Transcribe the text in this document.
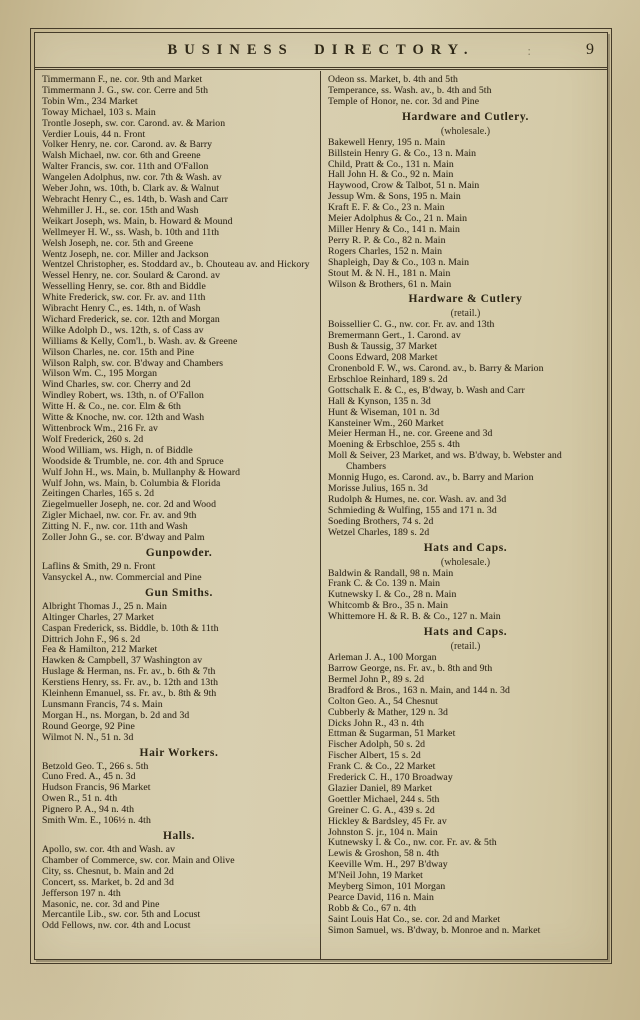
BUSINESS DIRECTORY.	:	9
Timmermann F., ne. cor. 9th and Market
Timmermann J. G., sw. cor. Cerre and 5th
Tobin Wm., 234 Market
Toway Michael, 103 s. Main
Trontle Joseph, sw. cor. Carond. av. & Marion
Verdier Louis, 44 n. Front
Volker Henry, ne. cor. Carond. av. & Barry
Walsh Michael, nw. cor. 6th and Greene
Walter Francis, sw. cor. 11th and O'Fallon
Wangelen Adolphus, nw. cor. 7th & Wash. av
Weber John, ws. 10th, b. Clark av. & Walnut
Webracht Henry C., es. 14th, b. Wash and Carr
Wehmiller J. H., se. cor. 15th and Wash
Weikart Joseph, ws. Main, b. Howard & Mound
Wellmeyer H. W., ss. Wash, b. 10th and 11th
Welsh Joseph, ne. cor. 5th and Greene
Wentz Joseph, ne. cor. Miller and Jackson
Wentzel Christopher, es. Stoddard av., b. Chouteau av. and Hickory
Wessel Henry, ne. cor. Soulard & Carond. av
Wesselling Henry, se. cor. 8th and Biddle
White Frederick, sw. cor. Fr. av. and 11th
Wibracht Henry C., es. 14th, n. of Wash
Wichard Frederick, se. cor. 12th and Morgan
Wilke Adolph D., ws. 12th, s. of Cass av
Williams & Kelly, Com'l., b. Wash. av. & Greene
Wilson Charles, ne. cor. 15th and Pine
Wilson Ralph, sw. cor. B'dway and Chambers
Wilson Wm. C., 195 Morgan
Wind Charles, sw. cor. Cherry and 2d
Windley Robert, ws. 13th, n. of O'Fallon
Witte H. & Co., ne. cor. Elm & 6th
Witte & Knoche, nw. cor. 12th and Wash
Wittenbrock Wm., 216 Fr. av
Wolf Frederick, 260 s. 2d
Wood William, ws. High, n. of Biddle
Woodside & Trumble, ne. cor. 4th and Spruce
Wulf John H., ws. Main, b. Mullanphy & Howard
Wulf John, ws. Main, b. Columbia & Florida
Zeitingen Charles, 165 s. 2d
Ziegelmueller Joseph, ne. cor. 2d and Wood
Zigler Michael, nw. cor. Fr. av. and 9th
Zitting N. F., nw. cor. 11th and Wash
Zoller John G., se. cor. B'dway and Palm
Gunpowder.
Laflins & Smith, 29 n. Front
Vansyckel A., nw. Commercial and Pine
Gun Smiths.
Albright Thomas J., 25 n. Main
Altinger Charles, 27 Market
Caspan Frederick, ss. Biddle, b. 10th & 11th
Dittrich John F., 96 s. 2d
Fea & Hamilton, 212 Market
Hawken & Campbell, 37 Washington av
Huslage & Herman, ns. Fr. av., b. 6th & 7th
Kerstiens Henry, ss. Fr. av., b. 12th and 13th
Kleinhenn Emanuel, ss. Fr. av., b. 8th & 9th
Lunsmann Francis, 74 s. Main
Morgan H., ns. Morgan, b. 2d and 3d
Round George, 92 Pine
Wilmot N. N., 51 n. 3d
Hair Workers.
Betzold Geo. T., 266 s. 5th
Cuno Fred. A., 45 n. 3d
Hudson Francis, 96 Market
Owen R., 51 n. 4th
Pignero P. A., 94 n. 4th
Smith Wm. E., 106½ n. 4th
Halls.
Apollo, sw. cor. 4th and Wash. av
Chamber of Commerce, sw. cor. Main and Olive
City, ss. Chesnut, b. Main and 2d
Concert, ss. Market, b. 2d and 3d
Jefferson 197 n. 4th
Masonic, ne. cor. 3d and Pine
Mercantile Lib., sw. cor. 5th and Locust
Odd Fellows, nw. cor. 4th and Locust
Odeon ss. Market, b. 4th and 5th
Temperance, ss. Wash. av., b. 4th and 5th
Temple of Honor, ne. cor. 3d and Pine
Hardware and Cutlery.
(wholesale.)
Bakewell Henry, 195 n. Main
Billstein Henry G. & Co., 13 n. Main
Child, Pratt & Co., 131 n. Main
Hall John H. & Co., 92 n. Main
Haywood, Crow & Talbot, 51 n. Main
Jessup Wm. & Sons, 195 n. Main
Kraft E. F. & Co., 23 n. Main
Meier Adolphus & Co., 21 n. Main
Miller Henry & Co., 141 n. Main
Perry R. P. & Co., 82 n. Main
Rogers Charles, 152 n. Main
Shapleigh, Day & Co., 103 n. Main
Stout M. & N. H., 181 n. Main
Wilson & Brothers, 61 n. Main
Hardware & Cutlery
(retail.)
Boissellier C. G., nw. cor. Fr. av. and 13th
Bremermann Gert., 1. Carond. av
Bush & Taussig, 37 Market
Coons Edward, 208 Market
Cronenbold F. W., ws. Carond. av., b. Barry & Marion
Erbschloe Reinhard, 189 s. 2d
Gottschalk E. & C., es, B'dway, b. Wash and Carr
Hall & Kynson, 135 n. 3d
Hunt & Wiseman, 101 n. 3d
Kansteiner Wm., 260 Market
Meier Herman H., ne. cor. Greene and 3d
Moening & Erbschloe, 255 s. 4th
Moll & Seiver, 23 Market, and ws. B'dway, b. Webster and Chambers
Monnig Hugo, es. Carond. av., b. Barry and Marion
Morisse Julius, 165 n. 3d
Rudolph & Humes, ne. cor. Wash. av. and 3d
Schmieding & Wulfing, 155 and 171 n. 3d
Soeding Brothers, 74 s. 2d
Wetzel Charles, 189 s. 2d
Hats and Caps.
(wholesale.)
Baldwin & Randall, 98 n. Main
Frank C. & Co. 139 n. Main
Kutnewsky I. & Co., 28 n. Main
Whitcomb & Bro., 35 n. Main
Whittemore H. & R. B. & Co., 127 n. Main
Hats and Caps.
(retail.)
Arleman J. A., 100 Morgan
Barrow George, ns. Fr. av., b. 8th and 9th
Bermel John P., 89 s. 2d
Bradford & Bros., 163 n. Main, and 144 n. 3d
Colton Geo. A., 54 Chesnut
Cubberly & Mather, 129 n. 3d
Dicks John R., 43 n. 4th
Ettman & Sugarman, 51 Market
Fischer Adolph, 50 s. 2d
Fischer Albert, 15 s. 2d
Frank C. & Co., 22 Market
Frederick C. H., 170 Broadway
Glazier Daniel, 89 Market
Goettler Michael, 244 s. 5th
Greiner C. G. A., 439 s. 2d
Hickley & Bardsley, 45 Fr. av
Johnston S. jr., 104 n. Main
Kutnewsky I. & Co., nw. cor. Fr. av. & 5th
Lewis & Groshon, 58 n. 4th
Keeville Wm. H., 297 B'dway
M'Neil John, 19 Market
Meyberg Simon, 101 Morgan
Pearce David, 116 n. Main
Robb & Co., 67 n. 4th
Saint Louis Hat Co., se. cor. 2d and Market
Simon Samuel, ws. B'dway, b. Monroe and n. Market
